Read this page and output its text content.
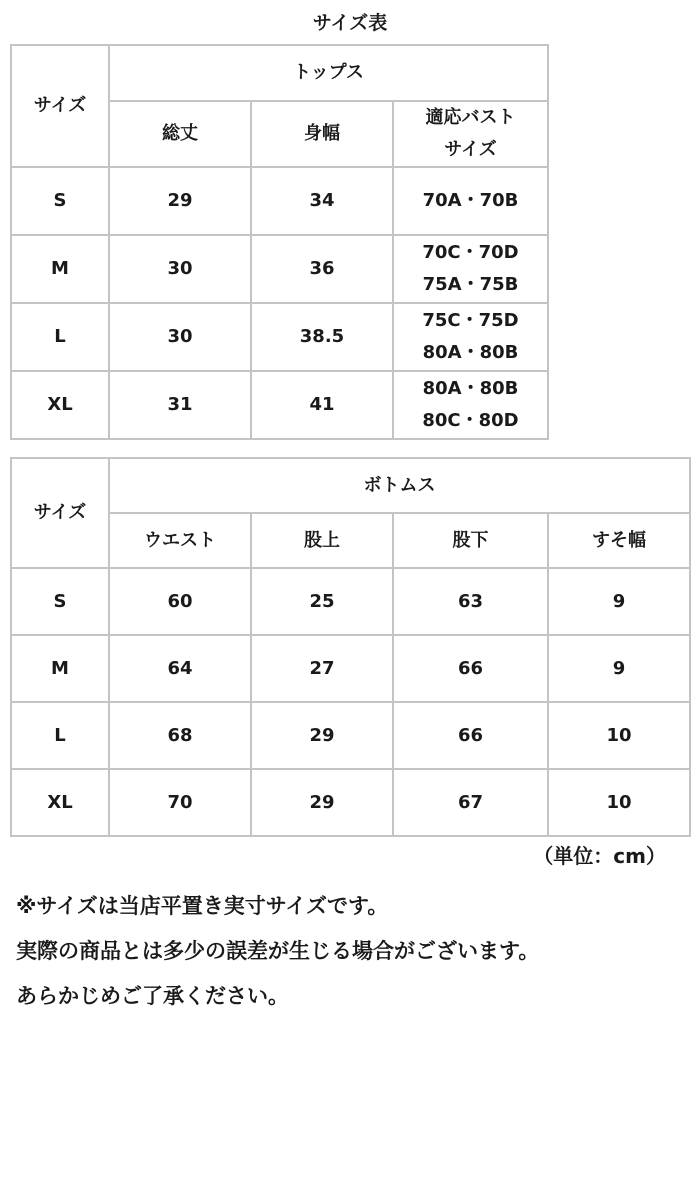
サイズ表
サイズ	トップス		
	総丈	身幅	適応バスト
サイズ
S	29	34	70A・70B

M	30	36	70C・70D
75A・75B

L	30	38.5	75C・75D
80A・80B

XL	31	41	80A・80B
80C・80D
サイズ	ボトムス			
	ウエスト	股上	股下	すそ幅
S	60	25	63	9
M	64	27	66	9
L	68	29	66	10
XL	70	29	67	10
（単位：cm）
※サイズは当店平置き実寸サイズです。
実際の商品とは多少の誤差が生じる場合がございます。
あらかじめご了承ください。
